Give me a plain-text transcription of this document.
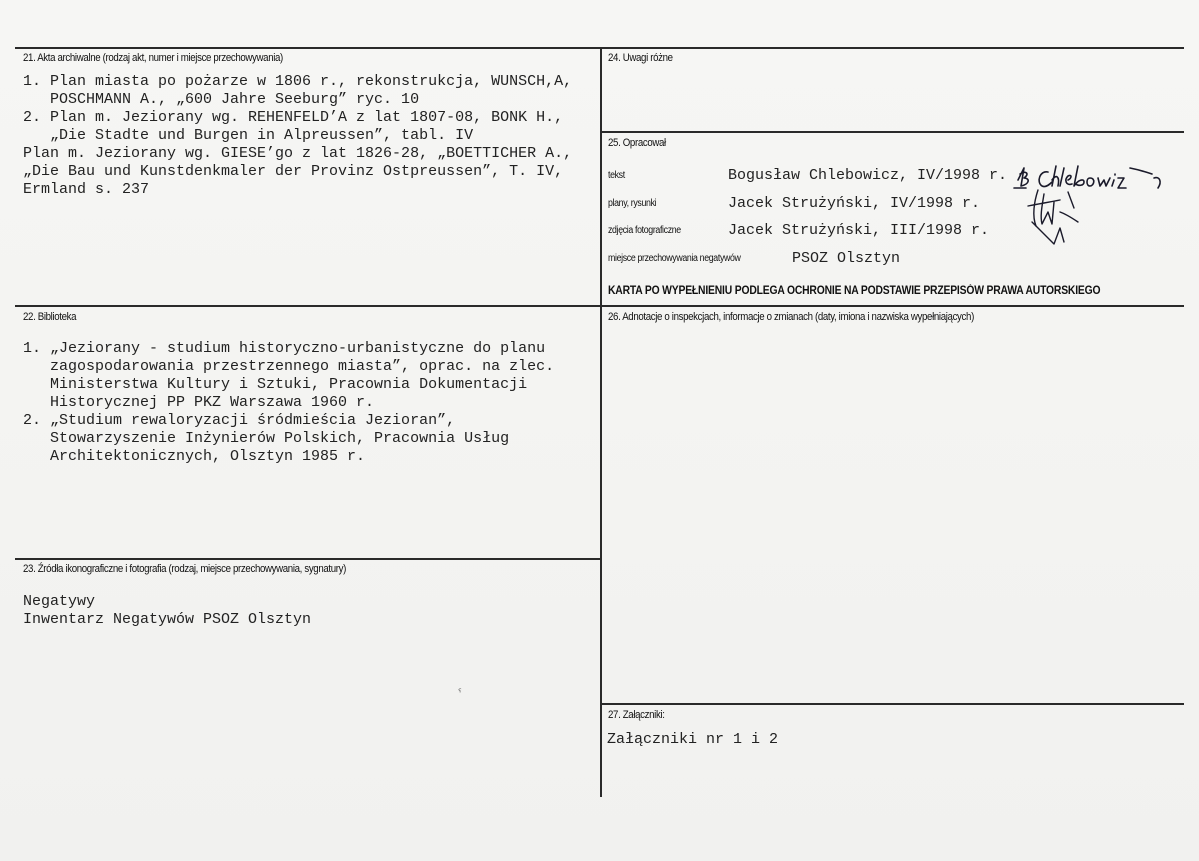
21. Akta archiwalne (rodzaj akt, numer i miejsce przechowywania)
1. Plan miasta po pożarze w 1806 r., rekonstrukcja, WUNSCH,A,
POSCHMANN A., „600 Jahre Seeburg” ryc. 10
2. Plan m. Jeziorany wg. REHENFELD’A z lat 1807-08, BONK H.,
„Die Stadte und Burgen in Alpreussen”, tabl. IV
Plan m. Jeziorany wg. GIESE’go z lat 1826-28, „BOETTICHER A.,
„Die Bau und Kunstdenkmaler der Provinz Ostpreussen”, T. IV,
Ermland s. 237
22. Biblioteka
1. „Jeziorany - studium historyczno-urbanistyczne do planu
zagospodarowania przestrzennego miasta”, oprac. na zlec.
Ministerstwa Kultury i Sztuki, Pracownia Dokumentacji
Historycznej PP PKZ Warszawa 1960 r.
2. „Studium rewaloryzacji śródmieścia Jezioran”,
Stowarzyszenie Inżynierów Polskich, Pracownia Usług
Architektonicznych, Olsztyn 1985 r.
23. Źródła ikonograficzne i fotografia (rodzaj, miejsce przechowywania, sygnatury)
Negatywy
Inwentarz Negatywów PSOZ Olsztyn
ˤ
24. Uwagi różne
25. Opracował
tekst	Bogusław Chlebowicz, IV/1998 r.
plany, rysunki	Jacek Strużyński, IV/1998 r.
zdjęcia fotograficzne	Jacek Strużyński, III/1998 r.
miejsce przechowywania negatywów	PSOZ Olsztyn
KARTA PO WYPEŁNIENIU PODLEGA OCHRONIE NA PODSTAWIE PRZEPISÓW PRAWA AUTORSKIEGO
26. Adnotacje o inspekcjach, informacje o zmianach (daty, imiona i nazwiska wypełniających)
27. Załączniki:
Załączniki nr 1 i 2
